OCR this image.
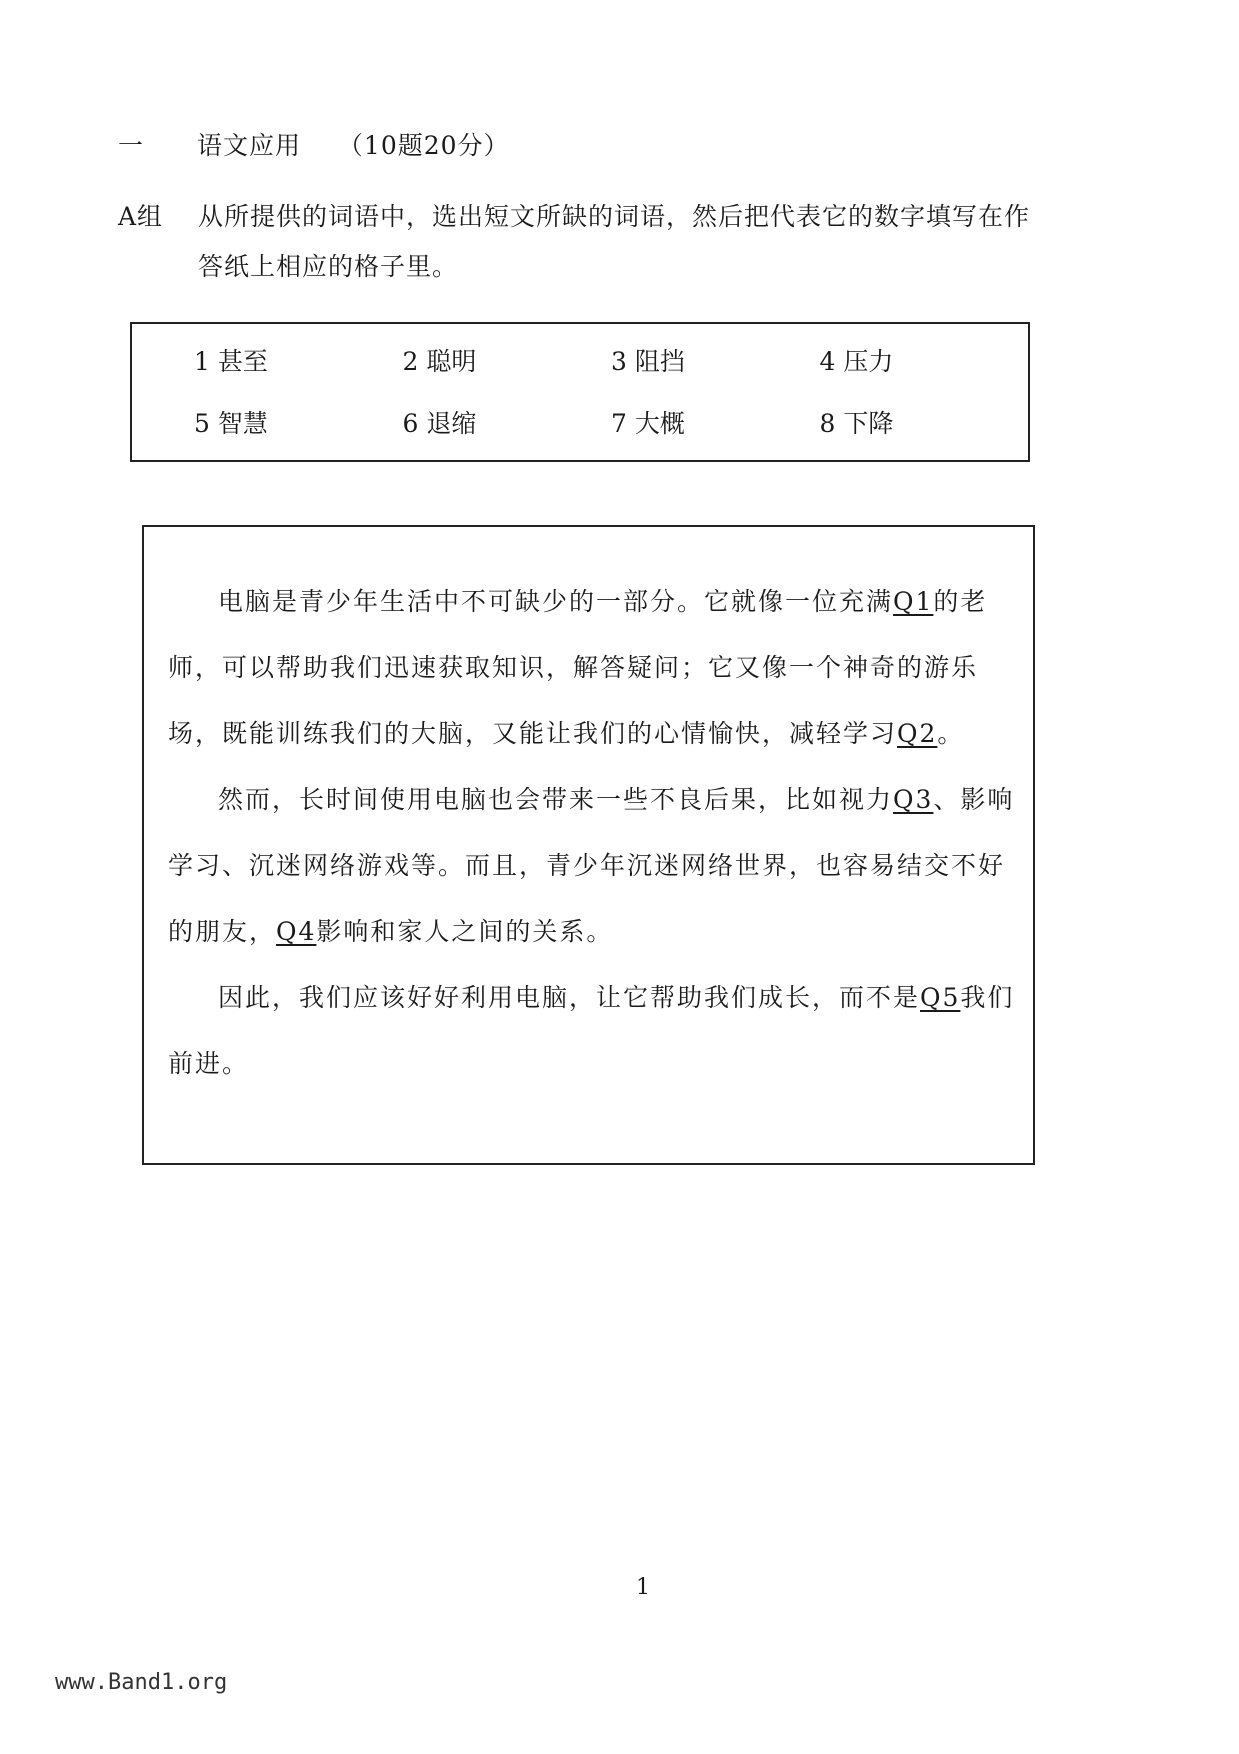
一 语文应用 （10题20分）
A组 从所提供的词语中，选出短文所缺的词语，然后把代表它的数字填写在作答纸上相应的格子里。
1 甚至	2 聪明	3 阻挡	4 压力
5 智慧	6 退缩	7 大概	8 下降

电脑是青少年生活中不可缺少的一部分。它就像一位充满Q1的老师，可以帮助我们迅速获取知识，解答疑问；它又像一个神奇的游乐场，既能训练我们的大脑，又能让我们的心情愉快，减轻学习Q2。

然而，长时间使用电脑也会带来一些不良后果，比如视力Q3、影响学习、沉迷网络游戏等。而且，青少年沉迷网络世界，也容易结交不好的朋友，Q4影响和家人之间的关系。

因此，我们应该好好利用电脑，让它帮助我们成长，而不是Q5我们前进。

1
www.Band1.org
